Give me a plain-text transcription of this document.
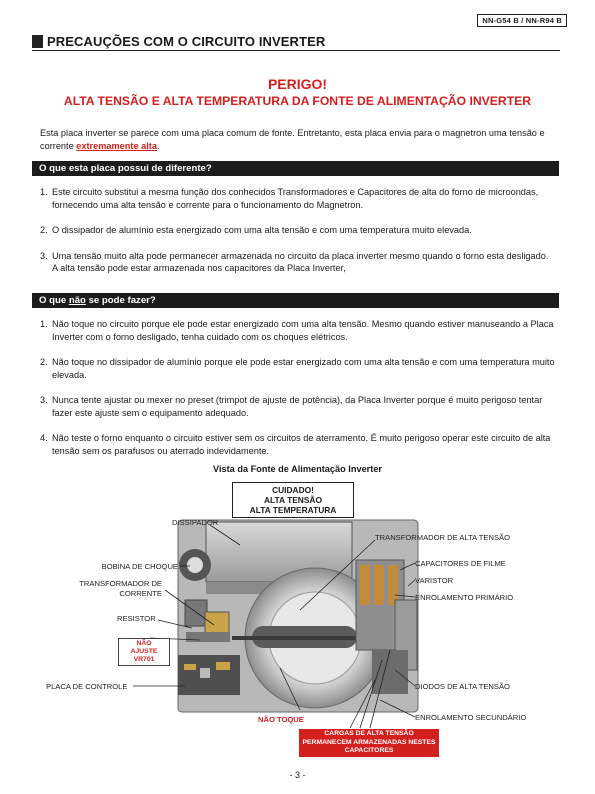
NN-G54 B / NN-R94 B
PRECAUÇÕES COM O CIRCUITO INVERTER
PERIGO!
ALTA TENSÃO E ALTA TEMPERATURA DA FONTE DE ALIMENTAÇÃO INVERTER
Esta placa inverter se parece com uma placa comum de fonte. Entretanto, esta placa envia para o magnetron uma tensão e corrente extremamente alta.
O que esta placa possui de diferente?
1. Este circuito substitui a mesma função dos conhecidos Transformadores e Capacitores de alta do forno de microondas, fornecendo uma alta tensão e corrente para o funcionamento do Magnetron.
2. O dissipador de alumínio esta energizado com uma alta tensão e com uma temperatura muito elevada.
3. Uma tensão muito alta pode permanecer armazenada no circuito da placa inverter mesmo quando o forno esta desligado. A alta tensão pode estar armazenada nos capacitores da Placa Inverter,
O que
não
se pode fazer?
1. Não toque no circuito porque ele pode estar energizado com uma alta tensão. Mesmo quando estiver manuseando a Placa Inverter com o forno desligado, tenha cuidado com os choques elétricos.
2. Não toque no dissipador de alumínio porque ele pode estar energizado com uma alta tensão e com uma temperatura muito elevada.
3. Nunca tente ajustar ou mexer no preset (trimpot de ajuste de potência), da Placa Inverter porque é muito perigoso tentar fazer este ajuste sem o equipamento adequado.
4. Não teste o forno enquanto o circuito estiver sem os circuitos de aterramento. É muito perigoso operar este circuito de alta tensão sem os parafusos ou aterrado indevidamente.
Vista da Fonte de Alimentação Inverter
CUIDADO!
ALTA TENSÃO
ALTA TEMPERATURA
DISSIPADOR
BOBINA DE CHOQUE
TRANSFORMADOR DE
CORRENTE
RESISTOR
PLACA DE CONTROLE
TRANSFORMADOR DE ALTA TENSÃO
CAPACITORES DE FILME
VARISTOR
ENROLAMENTO PRIMÁRIO
DIODOS DE ALTA TENSÃO
ENROLAMENTO SECUNDÁRIO
NÃO
AJUSTE
VR701
NÃO TOQUE
CARGAS DE ALTA TENSÃO
PERMANECEM ARMAZENADAS NESTES
CAPACITORES
- 3 -
